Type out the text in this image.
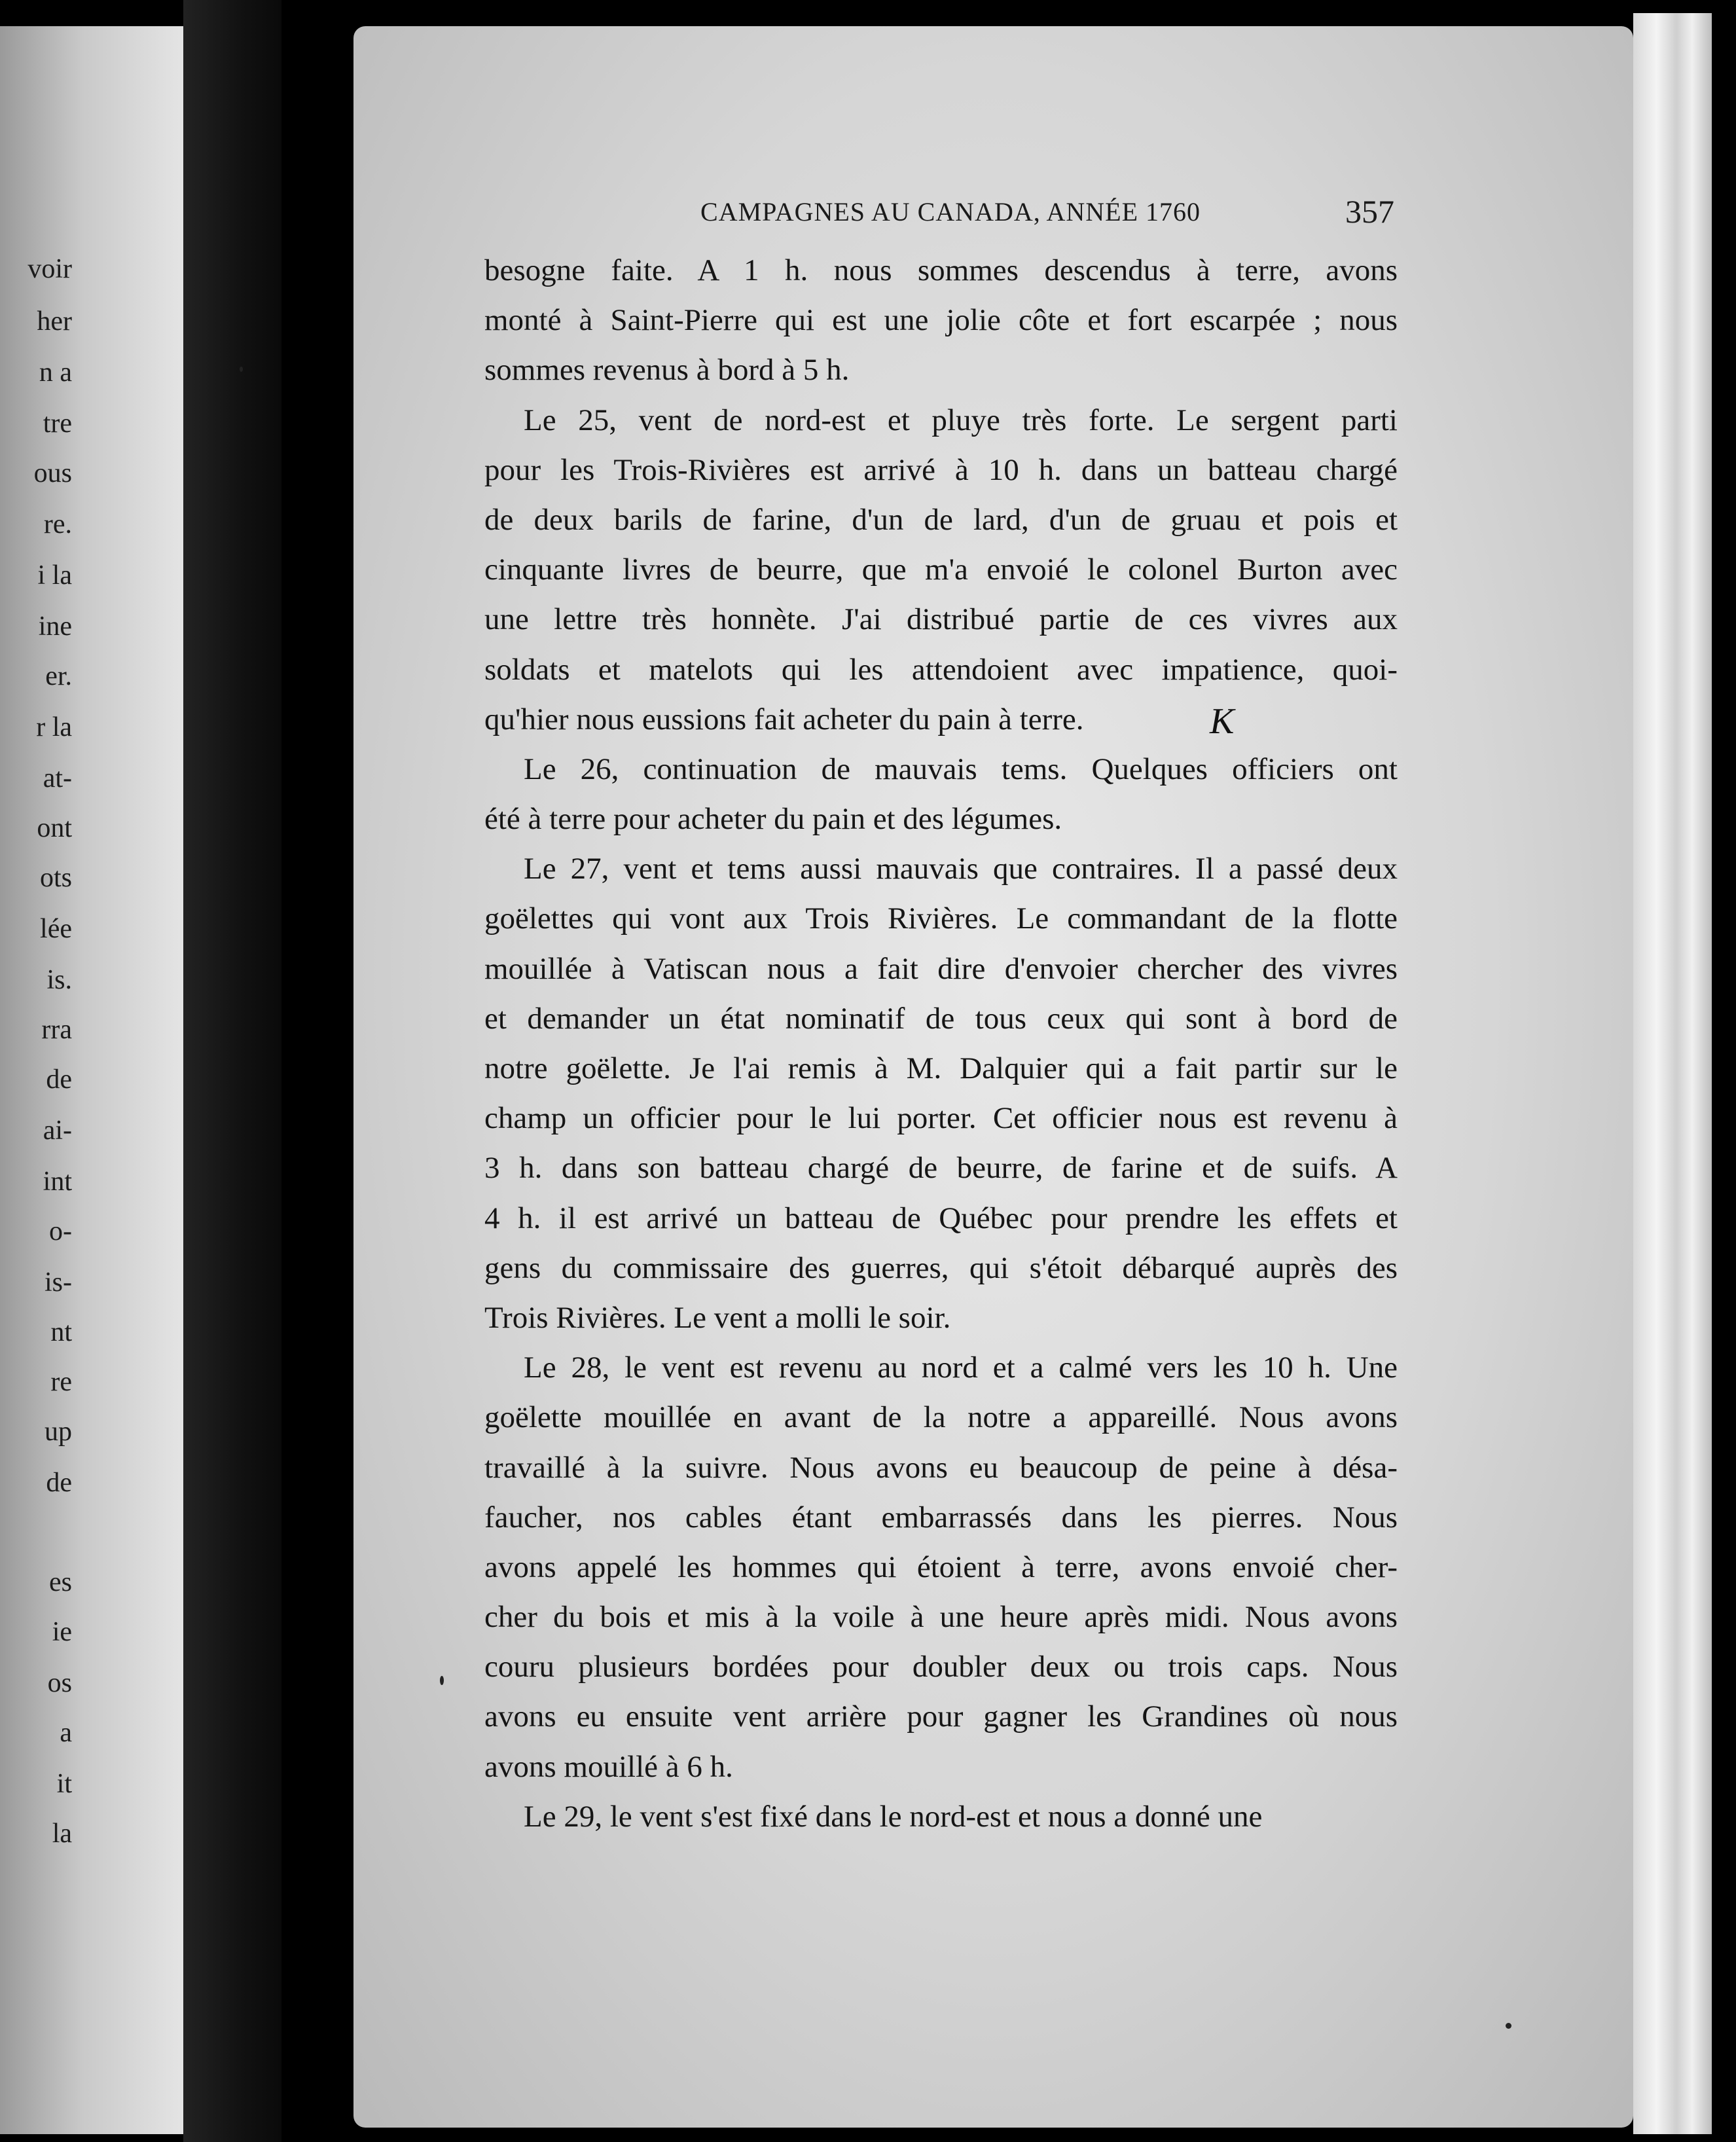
voir
her
n a
tre
ous
re.
i la
ine
er.
r la
at-
ont
ots
lée
is.
rra
de
ai-
int
o-
is-
nt
re
up
de
es
ie
os
a
it
la
CAMPAGNES AU CANADA, ANNÉE 1760	357
besogne faite. A 1 h. nous sommes descendus à terre, avons
monté à Saint-Pierre qui est une jolie côte et fort escarpée ; nous
sommes revenus à bord à 5 h.
Le 25, vent de nord-est et pluye très forte. Le sergent parti
pour les Trois-Rivières est arrivé à 10 h. dans un batteau chargé
de deux barils de farine, d'un de lard, d'un de gruau et pois et
cinquante livres de beurre, que m'a envoié le colonel Burton avec
une lettre très honnète. J'ai distribué partie de ces vivres aux
soldats et matelots qui les attendoient avec impatience, quoi-
qu'hier nous eussions fait acheter du pain à terre.
Le 26, continuation de mauvais tems. Quelques officiers ont
été à terre pour acheter du pain et des légumes.
Le 27, vent et tems aussi mauvais que contraires. Il a passé deux
goëlettes qui vont aux Trois Rivières. Le commandant de la flotte
mouillée à Vatiscan nous a fait dire d'envoier chercher des vivres
et demander un état nominatif de tous ceux qui sont à bord de
notre goëlette. Je l'ai remis à M. Dalquier qui a fait partir sur le
champ un officier pour le lui porter. Cet officier nous est revenu à
3 h. dans son batteau chargé de beurre, de farine et de suifs. A
4 h. il est arrivé un batteau de Québec pour prendre les effets et
gens du commissaire des guerres, qui s'étoit débarqué auprès des
Trois Rivières. Le vent a molli le soir.
Le 28, le vent est revenu au nord et a calmé vers les 10 h. Une
goëlette mouillée en avant de la notre a appareillé. Nous avons
travaillé à la suivre. Nous avons eu beaucoup de peine à désa-
faucher, nos cables étant embarrassés dans les pierres. Nous
avons appelé les hommes qui étoient à terre, avons envoié cher-
cher du bois et mis à la voile à une heure après midi. Nous avons
couru plusieurs bordées pour doubler deux ou trois caps. Nous
avons eu ensuite vent arrière pour gagner les Grandines où nous
avons mouillé à 6 h.
Le 29, le vent s'est fixé dans le nord-est et nous a donné une
K
